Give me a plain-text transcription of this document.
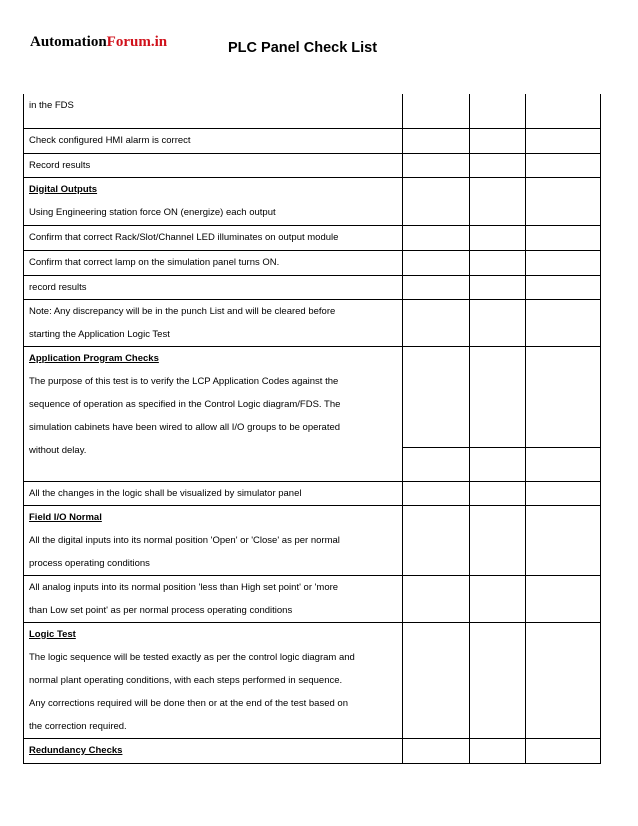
AutomationForum.in	PLC Panel Check List
in the FDS			

Check configured HMI alarm is correct			

Record results			

Digital Outputs
Using Engineering station force ON (energize) each output			

Confirm that correct Rack/Slot/Channel LED illuminates on output module			

Confirm that correct lamp on the simulation panel turns ON.			

record results			

Note: Any discrepancy will be in the punch List and will be cleared before
starting the Application Logic Test			

Application Program Checks
The purpose of this test is to verify the LCP Application Codes against the
sequence of operation as specified in the Control Logic diagram/FDS. The
simulation cabinets have been wired to allow all I/O groups to be operated
without delay.			

All the changes in the logic shall be visualized by simulator panel			

Field I/O Normal
All the digital inputs into its normal position 'Open' or 'Close' as per normal
process operating conditions			

All analog inputs into its normal position 'less than High set point' or 'more
than Low set point' as per normal process operating conditions			

Logic Test
The logic sequence will be tested exactly as per the control logic diagram and
normal plant operating conditions, with each steps performed in sequence.
Any corrections required will be done then or at the end of the test based on
the correction required.			

Redundancy Checks			
